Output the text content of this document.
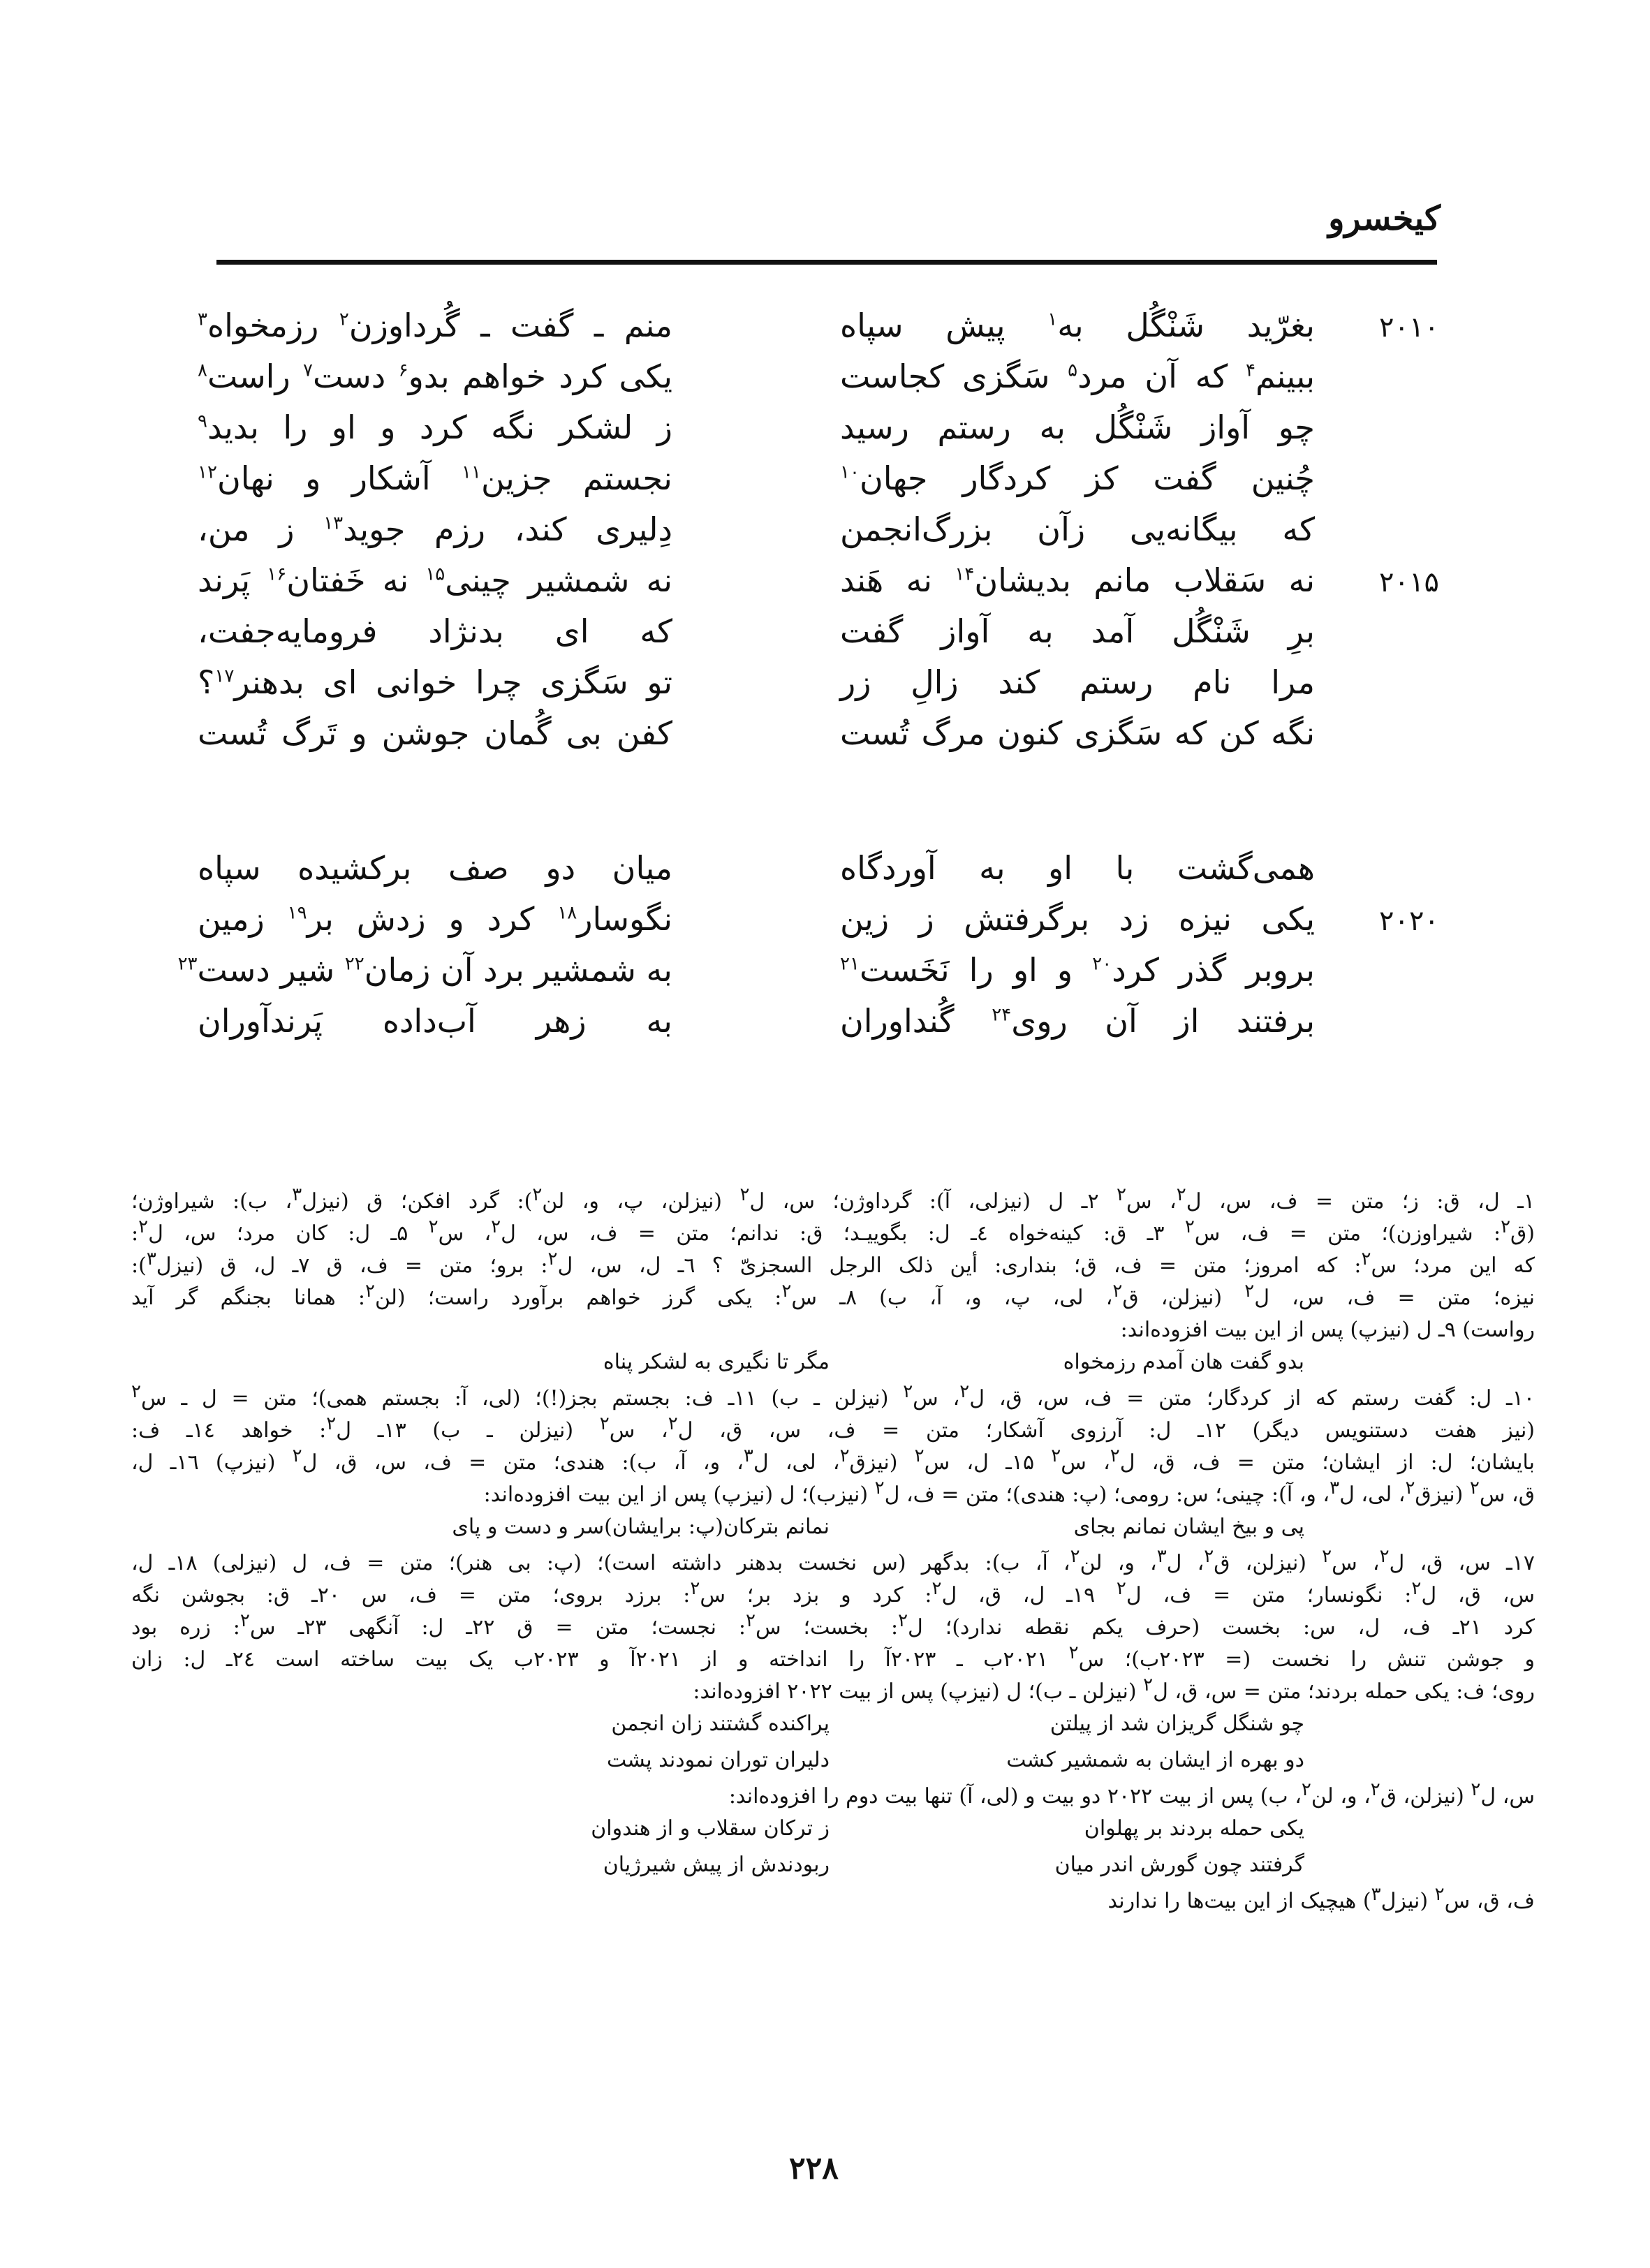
کیخسرو
۲۰۱۰
بغرّید شَنْگُل به$^۱$ پیش سپاه
منم ـ گفت ـ گُرداوزن$^۲$ رزمخواه$^۳$
ببینم$^۴$ که آن مرد$^۵$ سَگزی کجاست
یکی کرد خواهم بدو$^۶$ دست$^۷$ راست$^۸$
چو آواز شَنْگُل به رستم رسید
ز لشکر نگه کرد و او را بدید$^۹$
چُنین گفت کز کردگار جهان$^{۱۰}$
نجستم جزین$^{۱۱}$ آشکار و نهان$^{۱۲}$
که بیگانه‌یی زآن بزرگ‌انجمن
دِلیری کند، رزم جوید$^{۱۳}$ ز من،
۲۰۱۵
نه سَقلاب مانم بدیشان$^{۱۴}$ نه هَند
نه شمشیر چینی$^{۱۵}$ نه خَفتان$^{۱۶}$ پَرند
برِ شَنْگُل آمد به آواز گفت
که ای بدنژاد فرومایه‌جفت،
مرا نام رستم کند زالِ زر
تو سَگزی چرا خوانی ای بدهنر$^{۱۷}$؟
نگه کن که سَگزی کنون مرگ تُست
کفن بی گُمان جوشن و تَرگ تُست
همی‌گشت با او به آوردگاه
میان دو صف برکشیده سپاه
۲۰۲۰
یکی نیزه زد برگرفتش ز زین
نگوسار$^{۱۸}$ کرد و زدش بر$^{۱۹}$ زمین
بروبر گذر کرد$^{۲۰}$ و او را نَخَست$^{۲۱}$
به شمشیر برد آن زمان$^{۲۲}$ شیر دست$^{۲۳}$
برفتند از آن روی$^{۲۴}$ گُنداوران
به زهر آب‌داده پَرندآوران
۱ـ ل، ق: ز؛ متن = ف، س، ل$^۲$، س$^۲$ ۲ـ ل (نیزلی، آ): گرداوژن؛ س، ل$^۲$ (نیزلن، پ، و، لن$^۲$): گرد افکن؛ ق (نیزل$^۳$، ب): شیراوژن؛
(ق$^۲$: شیراوزن)؛ متن = ف، س$^۲$ ۳ـ ق: کینه‌خواه ٤ـ ل: بگوییـد؛ ق: ندانم؛ متن = ف، س، ل$^۲$، س$^۲$ ۵ـ ل: کان مرد؛ س، ل$^۲$:
که این مرد؛ س$^۲$: که امروز؛ متن = ف، ق؛ بنداری: أین ذلک الرجل السجزیّ ؟ ٦ـ ل، س، ل$^۲$: برو؛ متن = ف، ق ۷ـ ل، ق (نیزل$^۳$):
نیزه؛ متن = ف، س، ل$^۲$ (نیزلن، ق$^۲$، لی، پ، و، آ، ب) ۸ـ س$^۲$: یکی گرز خواهم برآورد راست؛ (لن$^۲$: همانا بجنگم گر آید
رواست) ۹ـ ل (نیزپ) پس از این بیت افزوده‌اند:
بدو گفت هان آمدم رزمخواه
مگر تا نگیری به لشکر پناه
۱۰ـ ل: گفت رستم که از کردگار؛ متن = ف، س، ق، ل$^۲$، س$^۲$ (نیزلن ـ ب) ۱۱ـ ف: بجستم بجز(!)؛ (لی، آ: بجستم همی)؛ متن = ل ـ س$^۲$
(نیز هفت دستنویس دیگر) ۱۲ـ ل: آرزوی آشکار؛ متن = ف، س، ق، ل$^۲$، س$^۲$ (نیزلن ـ ب) ۱۳ـ ل$^۲$: خواهد ۱٤ـ ف:
بایشان؛ ل: از ایشان؛ متن = ف، ق، ل$^۲$، س$^۲$ ۱۵ـ ل، س$^۲$ (نیزق$^۲$، لی، ل$^۳$، و، آ، ب): هندی؛ متن = ف، س، ق، ل$^۲$ (نیزپ) ۱٦ـ ل،
ق، س$^۲$ (نیزق$^۲$، لی، ل$^۳$، و، آ): چینی؛ س: رومی؛ (پ: هندی)؛ متن = ف، ل$^۲$ (نیزب)؛ ل (نیزپ) پس از این بیت افزوده‌اند:
پی و بیخ ایشان نمانم بجای
نمانم بترکان(پ: برایشان)سر و دست و پای
۱۷ـ س، ق، ل$^۲$، س$^۲$ (نیزلن، ق$^۲$، ل$^۳$، و، لن$^۲$، آ، ب): بدگهر (س نخست بدهنر داشته است)؛ (پ: بی هنر)؛ متن = ف، ل (نیزلی) ۱۸ـ ل،
س، ق، ل$^۲$: نگونسار؛ متن = ف، ل$^۲$ ۱۹ـ ل، ق، ل$^۲$: کرد و بزد بر؛ س$^۲$: برزد بروی؛ متن = ف، س ۲۰ـ ق: بجوشن نگه
کرد ۲۱ـ ف، ل، س: بخست (حرف یکم نقطه ندارد)؛ ل$^۲$: بخست؛ س$^۲$: نجست؛ متن = ق ۲۲ـ ل: آنگهی ۲۳ـ س$^۲$: زره بود
و جوشن تنش را نخست (= ۲۰۲۳ب)؛ س$^۲$ ۲۰۲۱ب ـ ۲۰۲۳آ را انداخته و از ۲۰۲۱آ و ۲۰۲۳ب یک بیت ساخته است ۲٤ـ ل: زان
روی؛ ف: یکی حمله بردند؛ متن = س، ق، ل$^۲$ (نیزلن ـ ب)؛ ل (نیزپ) پس از بیت ۲۰۲۲ افزوده‌اند:
چو شنگل گریزان شد از پیلتن
پراکنده گشتند زان انجمن
دو بهره از ایشان به شمشیر کشت
دلیران توران نمودند پشت
س، ل$^۲$ (نیزلن، ق$^۲$، و، لن$^۲$، ب) پس از بیت ۲۰۲۲ دو بیت و (لی، آ) تنها بیت دوم را افزوده‌اند:
یکی حمله بردند بر پهلوان
ز ترکان سقلاب و از هندوان
گرفتند چون گورش اندر میان
ربودندش از پیش شیرژیان
ف، ق، س$^۲$ (نیزل$^۳$) هیچیک از این بیت‌ها را ندارند
۲۲۸
